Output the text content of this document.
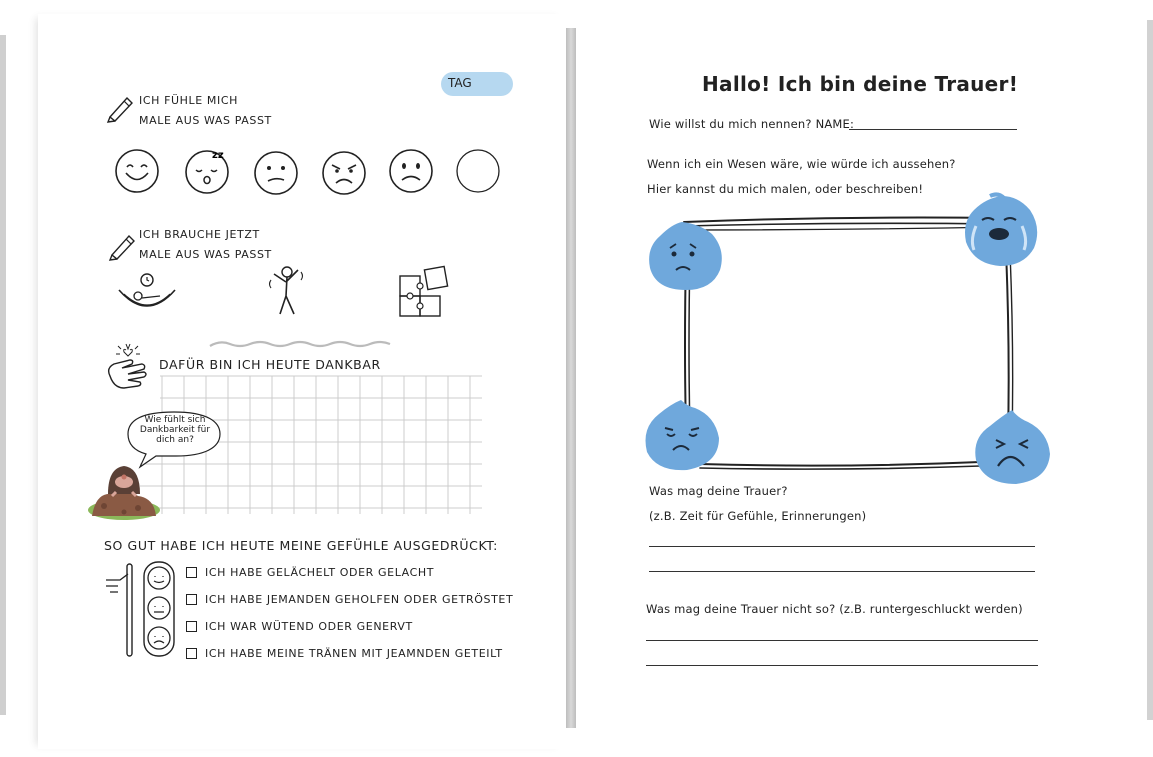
TAG
ICH FÜHLE MICH
MALE AUS WAS PASST
zz
ICH BRAUCHE JETZT
MALE AUS WAS PASST
DAFÜR BIN ICH HEUTE DANKBAR
Wie fühlt sich Dankbarkeit für dich an?
SO GUT HABE ICH HEUTE MEINE GEFÜHLE AUSGEDRÜCKT:
ICH HABE GELÄCHELT ODER GELACHT
ICH HABE JEMANDEN GEHOLFEN ODER GETRÖSTET
ICH WAR WÜTEND ODER GENERVT
ICH HABE MEINE TRÄNEN MIT JEAMNDEN GETEILT
Hallo! Ich bin deine Trauer!
Wie willst du mich nennen? NAME:
Wenn ich ein Wesen wäre, wie würde ich aussehen?
Hier kannst du mich malen, oder beschreiben!
Was mag deine Trauer?
(z.B. Zeit für Gefühle, Erinnerungen)
Was mag deine Trauer nicht so? (z.B. runtergeschluckt werden)
